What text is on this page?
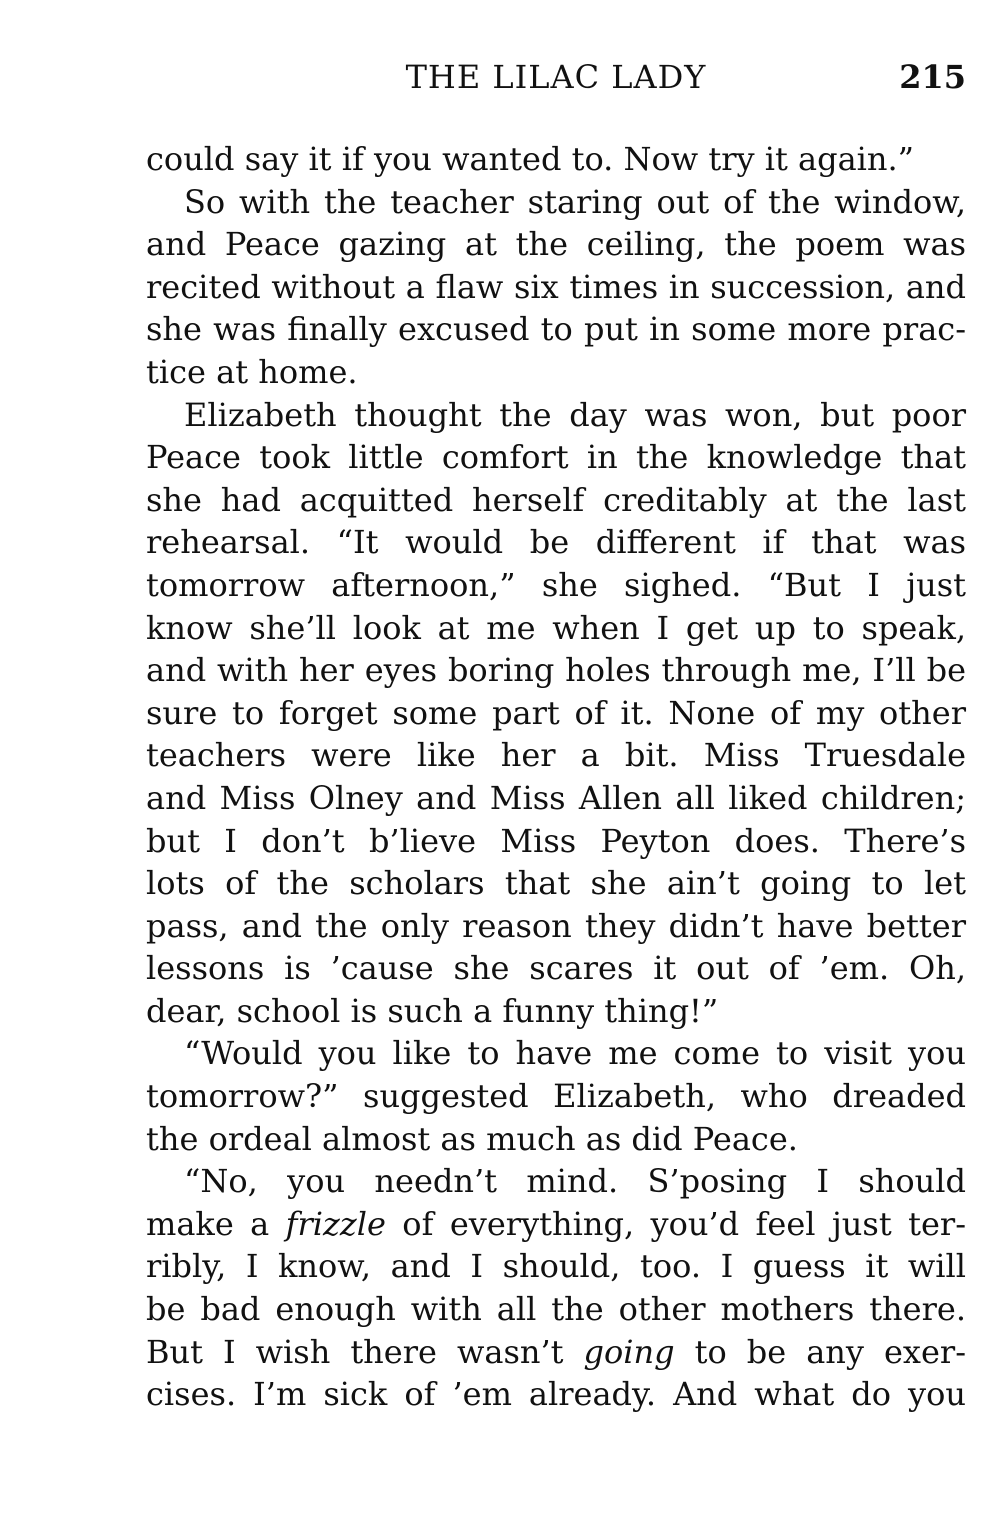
THE LILAC LADY	215
could say it if you wanted to. Now try it again.”
So with the teacher staring out of the window,
and Peace gazing at the ceiling, the poem was
recited without a flaw six times in succession, and
she was finally excused to put in some more prac-
tice at home.
Elizabeth thought the day was won, but poor
Peace took little comfort in the knowledge that
she had acquitted herself creditably at the last
rehearsal. “It would be different if that was
tomorrow afternoon,” she sighed. “But I just
know she’ll look at me when I get up to speak,
and with her eyes boring holes through me, I’ll be
sure to forget some part of it. None of my other
teachers were like her a bit. Miss Truesdale
and Miss Olney and Miss Allen all liked children;
but I don’t b’lieve Miss Peyton does. There’s
lots of the scholars that she ain’t going to let
pass, and the only reason they didn’t have better
lessons is ’cause she scares it out of ’em. Oh,
dear, school is such a funny thing!”
“Would you like to have me come to visit you
tomorrow?” suggested Elizabeth, who dreaded
the ordeal almost as much as did Peace.
“No, you needn’t mind. S’posing I should
make a frizzle of everything, you’d feel just ter-
ribly, I know, and I should, too. I guess it will
be bad enough with all the other mothers there.
But I wish there wasn’t going to be any exer-
cises. I’m sick of ’em already. And what do you
